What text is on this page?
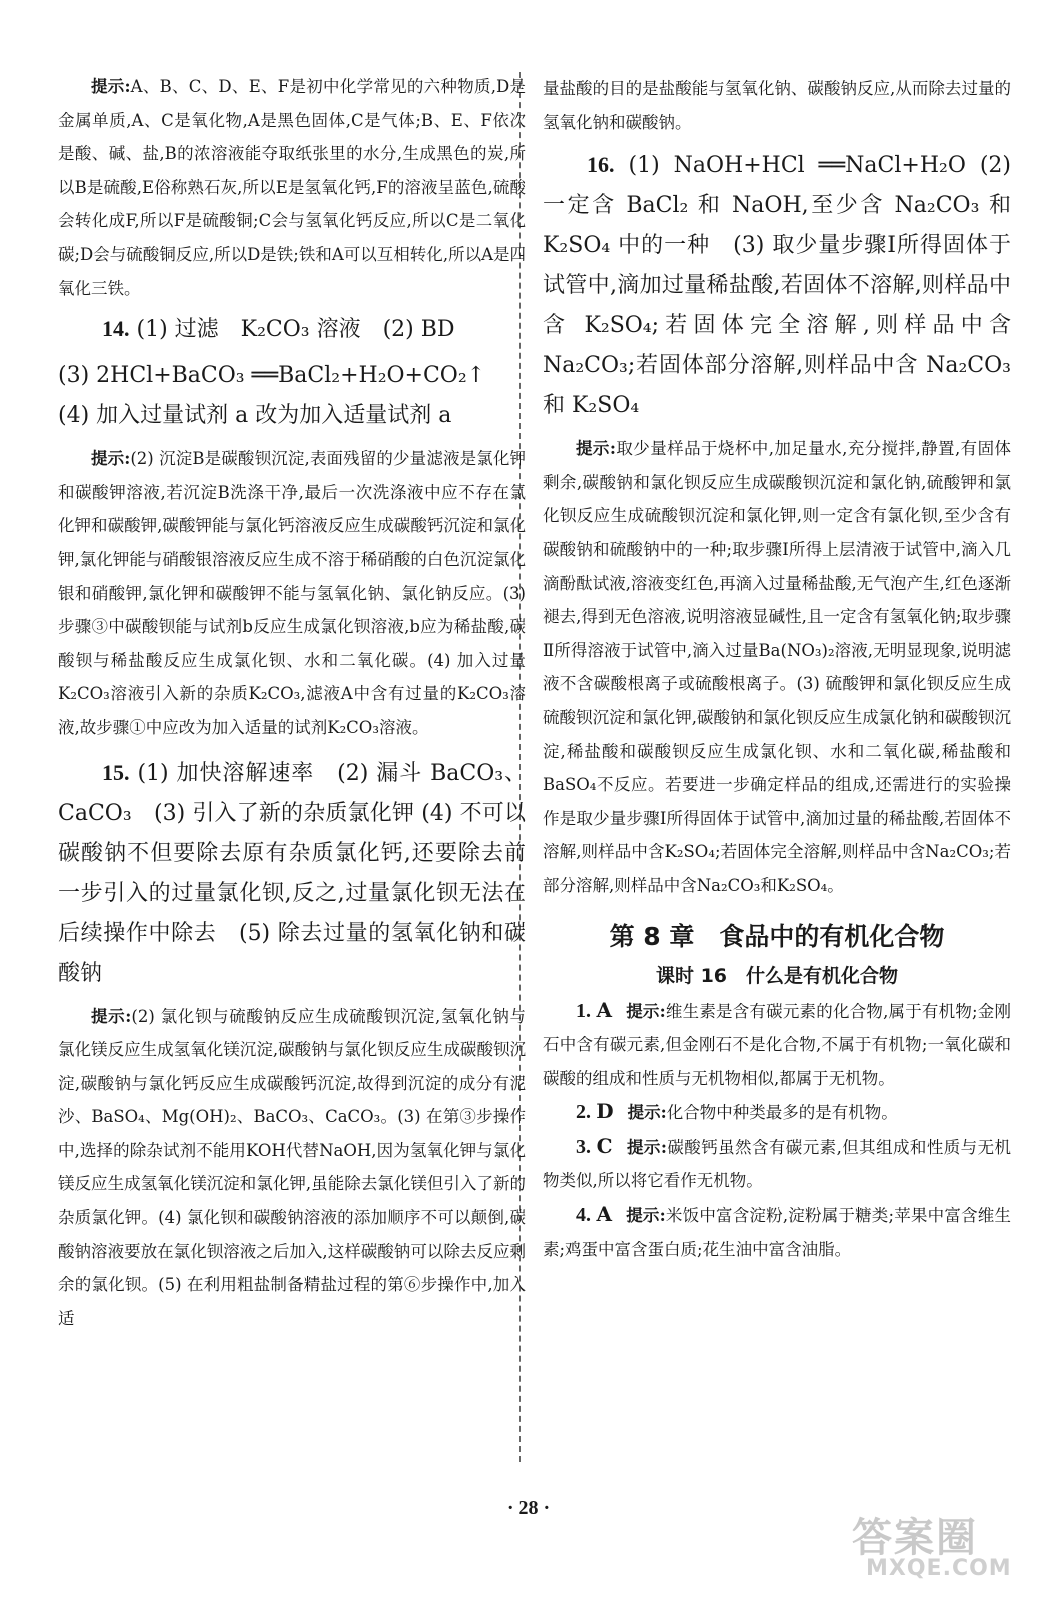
提示:A、B、C、D、E、F是初中化学常见的六种物质,D是金属单质,A、C是氧化物,A是黑色固体,C是气体;B、E、F依次是酸、碱、盐,B的浓溶液能夺取纸张里的水分,生成黑色的炭,所以B是硫酸,E俗称熟石灰,所以E是氢氧化钙,F的溶液呈蓝色,硫酸会转化成F,所以F是硫酸铜;C会与氢氧化钙反应,所以C是二氧化碳;D会与硫酸铜反应,所以D是铁;铁和A可以互相转化,所以A是四氧化三铁。

14. (1) 过滤　K₂CO₃ 溶液　(2) BD

(3) 2HCl+BaCO₃ ══BaCl₂+H₂O+CO₂↑

(4) 加入过量试剂 a 改为加入适量试剂 a

提示:(2) 沉淀B是碳酸钡沉淀,表面残留的少量滤液是氯化钾和碳酸钾溶液,若沉淀B洗涤干净,最后一次洗涤液中应不存在氯化钾和碳酸钾,碳酸钾能与氯化钙溶液反应生成碳酸钙沉淀和氯化钾,氯化钾能与硝酸银溶液反应生成不溶于稀硝酸的白色沉淀氯化银和硝酸钾,氯化钾和碳酸钾不能与氢氧化钠、氯化钠反应。(3) 步骤③中碳酸钡能与试剂b反应生成氯化钡溶液,b应为稀盐酸,碳酸钡与稀盐酸反应生成氯化钡、水和二氧化碳。(4) 加入过量K₂CO₃溶液引入新的杂质K₂CO₃,滤液A中含有过量的K₂CO₃溶液,故步骤①中应改为加入适量的试剂K₂CO₃溶液。

15. (1) 加快溶解速率　(2) 漏斗 BaCO₃、CaCO₃　(3) 引入了新的杂质氯化钾 (4) 不可以　碳酸钠不但要除去原有杂质氯化钙,还要除去前一步引入的过量氯化钡,反之,过量氯化钡无法在后续操作中除去　(5) 除去过量的氢氧化钠和碳酸钠

提示:(2) 氯化钡与硫酸钠反应生成硫酸钡沉淀,氢氧化钠与氯化镁反应生成氢氧化镁沉淀,碳酸钠与氯化钡反应生成碳酸钡沉淀,碳酸钠与氯化钙反应生成碳酸钙沉淀,故得到沉淀的成分有泥沙、BaSO₄、Mg(OH)₂、BaCO₃、CaCO₃。(3) 在第③步操作中,选择的除杂试剂不能用KOH代替NaOH,因为氢氧化钾与氯化镁反应生成氢氧化镁沉淀和氯化钾,虽能除去氯化镁但引入了新的杂质氯化钾。(4) 氯化钡和碳酸钠溶液的添加顺序不可以颠倒,碳酸钠溶液要放在氯化钡溶液之后加入,这样碳酸钠可以除去反应剩余的氯化钡。(5) 在利用粗盐制备精盐过程的第⑥步操作中,加入适

量盐酸的目的是盐酸能与氢氧化钠、碳酸钠反应,从而除去过量的氢氧化钠和碳酸钠。

16. (1) NaOH+HCl ══NaCl+H₂O (2) 一定含 BaCl₂ 和 NaOH,至少含 Na₂CO₃ 和 K₂SO₄ 中的一种　(3) 取少量步骤Ⅰ所得固体于试管中,滴加过量稀盐酸,若固体不溶解,则样品中含 K₂SO₄;若固体完全溶解,则样品中含 Na₂CO₃;若固体部分溶解,则样品中含 Na₂CO₃ 和 K₂SO₄

提示:取少量样品于烧杯中,加足量水,充分搅拌,静置,有固体剩余,碳酸钠和氯化钡反应生成碳酸钡沉淀和氯化钠,硫酸钾和氯化钡反应生成硫酸钡沉淀和氯化钾,则一定含有氯化钡,至少含有碳酸钠和硫酸钠中的一种;取步骤Ⅰ所得上层清液于试管中,滴入几滴酚酞试液,溶液变红色,再滴入过量稀盐酸,无气泡产生,红色逐渐褪去,得到无色溶液,说明溶液显碱性,且一定含有氢氧化钠;取步骤Ⅱ所得溶液于试管中,滴入过量Ba(NO₃)₂溶液,无明显现象,说明滤液不含碳酸根离子或硫酸根离子。(3) 硫酸钾和氯化钡反应生成硫酸钡沉淀和氯化钾,碳酸钠和氯化钡反应生成氯化钠和碳酸钡沉淀,稀盐酸和碳酸钡反应生成氯化钡、水和二氧化碳,稀盐酸和BaSO₄不反应。若要进一步确定样品的组成,还需进行的实验操作是取少量步骤Ⅰ所得固体于试管中,滴加过量的稀盐酸,若固体不溶解,则样品中含K₂SO₄;若固体完全溶解,则样品中含Na₂CO₃;若部分溶解,则样品中含Na₂CO₃和K₂SO₄。

第 8 章　食品中的有机化合物

课时 16　什么是有机化合物

1. A 提示:维生素是含有碳元素的化合物,属于有机物;金刚石中含有碳元素,但金刚石不是化合物,不属于有机物;一氧化碳和碳酸的组成和性质与无机物相似,都属于无机物。

2. D 提示:化合物中种类最多的是有机物。

3. C 提示:碳酸钙虽然含有碳元素,但其组成和性质与无机物类似,所以将它看作无机物。

4. A 提示:米饭中富含淀粉,淀粉属于糖类;苹果中富含维生素;鸡蛋中富含蛋白质;花生油中富含油脂。

· 28 ·
答案圈
MXQE.COM
